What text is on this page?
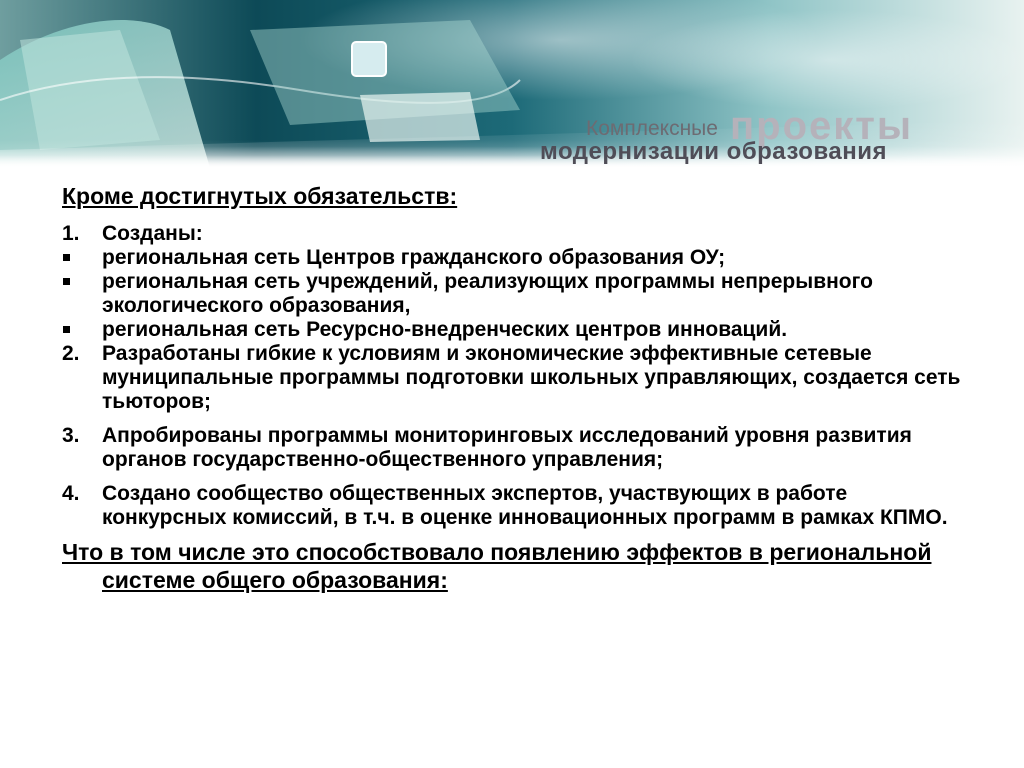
Комплексные проекты
модернизации образования

Кроме достигнутых обязательств:

1.	Созданы:
региональная сеть Центров гражданского образования ОУ;
региональная сеть учреждений, реализующих программы непрерывного экологического образования,
региональная сеть Ресурсно-внедренческих центров инноваций.
2.	Разработаны гибкие к условиям и экономические эффективные сетевые муниципальные программы подготовки школьных управляющих, создается сеть тьюторов;
3.	Апробированы программы мониторинговых исследований уровня развития органов государственно-общественного управления;
4.	Создано сообщество общественных экспертов, участвующих в работе конкурсных комиссий, в т.ч. в оценке инновационных программ в рамках КПМО.
Что в том числе это способствовало появлению эффектов в региональной системе общего образования:
